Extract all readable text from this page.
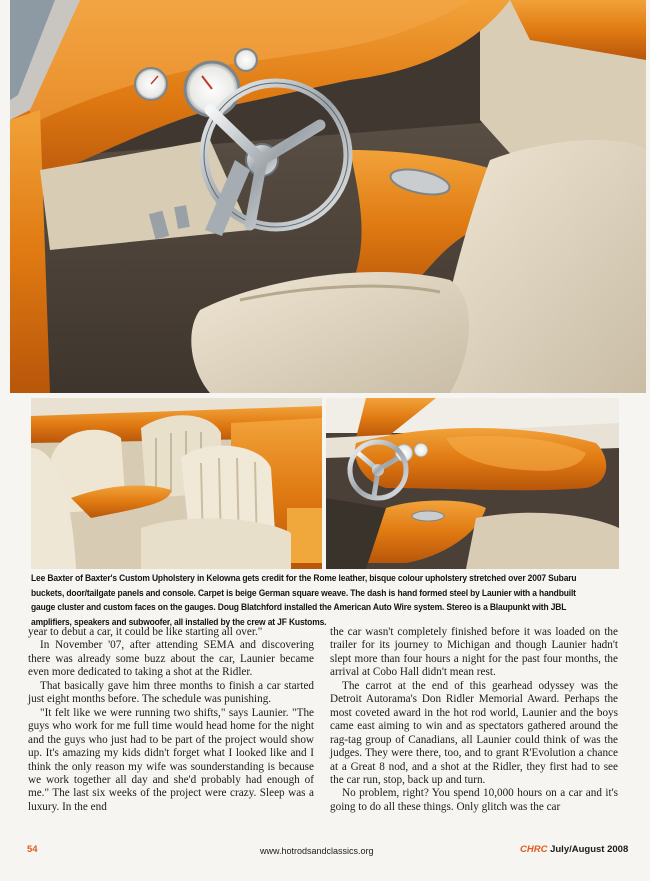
Lee Baxter of Baxter's Custom Upholstery in Kelowna gets credit for the Rome leather, bisque colour upholstery stretched over 2007 Subaru buckets, door/tailgate panels and console. Carpet is beige German square weave. The dash is hand formed steel by Launier with a handbuilt gauge cluster and custom faces on the gauges. Doug Blatchford installed the American Auto Wire system. Stereo is a Blaupunkt with JBL amplifiers, speakers and subwoofer, all installed by the crew at JF Kustoms.

year to debut a car, it could be like starting all over."

In November '07, after attending SEMA and discovering there was already some buzz about the car, Launier became even more dedicated to taking a shot at the Ridler.

That basically gave him three months to finish a car started just eight months before. The schedule was punishing.

"It felt like we were running two shifts," says Launier. "The guys who work for me full time would head home for the night and the guys who just had to be part of the project would show up. It's amazing my kids didn't forget what I looked like and I think the only reason my wife was sounderstanding is because we work together all day and she'd probably had enough of me." The last six weeks of the project were crazy. Sleep was a luxury. In the end

the car wasn't completely finished before it was loaded on the trailer for its journey to Michigan and though Launier hadn't slept more than four hours a night for the past four months, the arrival at Cobo Hall didn't mean rest.

The carrot at the end of this gearhead odyssey was the Detroit Autorama's Don Ridler Memorial Award. Perhaps the most coveted award in the hot rod world, Launier and the boys came east aiming to win and as spectators gathered around the rag-tag group of Canadians, all Launier could think of was the judges. They were there, too, and to grant R'Evolution a chance at a Great 8 nod, and a shot at the Ridler, they first had to see the car run, stop, back up and turn.

No problem, right? You spend 10,000 hours on a car and it's going to do all these things. Only glitch was the car

54	www.hotrodsandclassics.org	CHRC July/August 2008
